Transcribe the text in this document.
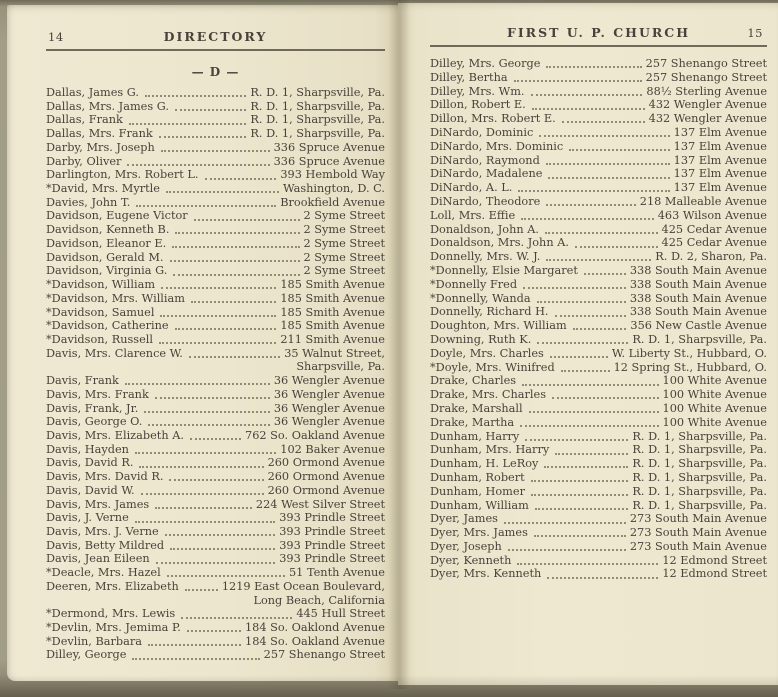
14	DIRECTORY
— D —
Dallas, James G.	R. D. 1, Sharpsville, Pa.
Dallas, Mrs. James G.	R. D. 1, Sharpsville, Pa.
Dallas, Frank	R. D. 1, Sharpsville, Pa.
Dallas, Mrs. Frank	R. D. 1, Sharpsville, Pa.
Darby, Mrs. Joseph	336 Spruce Avenue
Darby, Oliver	336 Spruce Avenue
Darlington, Mrs. Robert L.	393 Hembold Way
*David, Mrs. Myrtle	Washington, D. C.
Davies, John T.	Brookfield Avenue
Davidson, Eugene Victor	2 Syme Street
Davidson, Kenneth B.	2 Syme Street
Davidson, Eleanor E.	2 Syme Street
Davidson, Gerald M.	2 Syme Street
Davidson, Virginia G.	2 Syme Street
*Davidson, William	185 Smith Avenue
*Davidson, Mrs. William	185 Smith Avenue
*Davidson, Samuel	185 Smith Avenue
*Davidson, Catherine	185 Smith Avenue
*Davidson, Russell	211 Smith Avenue
Davis, Mrs. Clarence W.	35 Walnut Street,
Sharpsville, Pa.
Davis, Frank	36 Wengler Avenue
Davis, Mrs. Frank	36 Wengler Avenue
Davis, Frank, Jr.	36 Wengler Avenue
Davis, George O.	36 Wengler Avenue
Davis, Mrs. Elizabeth A.	762 So. Oakland Avenue
Davis, Hayden	102 Baker Avenue
Davis, David R.	260 Ormond Avenue
Davis, Mrs. David R.	260 Ormond Avenue
Davis, David W.	260 Ormond Avenue
Davis, Mrs. James	224 West Silver Street
Davis, J. Verne	393 Prindle Street
Davis, Mrs. J. Verne	393 Prindle Street
Davis, Betty Mildred	393 Prindle Street
Davis, Jean Eileen	393 Prindle Street
*Deacle, Mrs. Hazel	51 Tenth Avenue
Deeren, Mrs. Elizabeth	1219 East Ocean Boulevard,
Long Beach, California
*Dermond, Mrs. Lewis	445 Hull Street
*Devlin, Mrs. Jemima P.	184 So. Oaklond Avenue
*Devlin, Barbara	184 So. Oakland Avenue
Dilley, George	257 Shenango Street
FIRST U. P. CHURCH	15
Dilley, Mrs. George	257 Shenango Street
Dilley, Bertha	257 Shenango Street
Dilley, Mrs. Wm.	88½ Sterling Avenue
Dillon, Robert E.	432 Wengler Avenue
Dillon, Mrs. Robert E.	432 Wengler Avenue
DiNardo, Dominic	137 Elm Avenue
DiNardo, Mrs. Dominic	137 Elm Avenue
DiNardo, Raymond	137 Elm Avenue
DiNardo, Madalene	137 Elm Avenue
DiNardo, A. L.	137 Elm Avenue
DiNardo, Theodore	218 Malleable Avenue
Loll, Mrs. Effie	463 Wilson Avenue
Donaldson, John A.	425 Cedar Avenue
Donaldson, Mrs. John A.	425 Cedar Avenue
Donnelly, Mrs. W. J.	R. D. 2, Sharon, Pa.
*Donnelly, Elsie Margaret	338 South Main Avenue
*Donnelly Fred	338 South Main Avenue
*Donnelly, Wanda	338 South Main Avenue
Donnelly, Richard H.	338 South Main Avenue
Doughton, Mrs. William	356 New Castle Avenue
Downing, Ruth K.	R. D. 1, Sharpsville, Pa.
Doyle, Mrs. Charles	W. Liberty St., Hubbard, O.
*Doyle, Mrs. Winifred	12 Spring St., Hubbard, O.
Drake, Charles	100 White Avenue
Drake, Mrs. Charles	100 White Avenue
Drake, Marshall	100 White Avenue
Drake, Martha	100 White Avenue
Dunham, Harry	R. D. 1, Sharpsville, Pa.
Dunham, Mrs. Harry	R. D. 1, Sharpsville, Pa.
Dunham, H. LeRoy	R. D. 1, Sharpsville, Pa.
Dunham, Robert	R. D. 1, Sharpsville, Pa.
Dunham, Homer	R. D. 1, Sharpsville, Pa.
Dunham, William	R. D. 1, Sharpsville, Pa.
Dyer, James	273 South Main Avenue
Dyer, Mrs. James	273 South Main Avenue
Dyer, Joseph	273 South Main Avenue
Dyer, Kenneth	12 Edmond Street
Dyer, Mrs. Kenneth	12 Edmond Street
